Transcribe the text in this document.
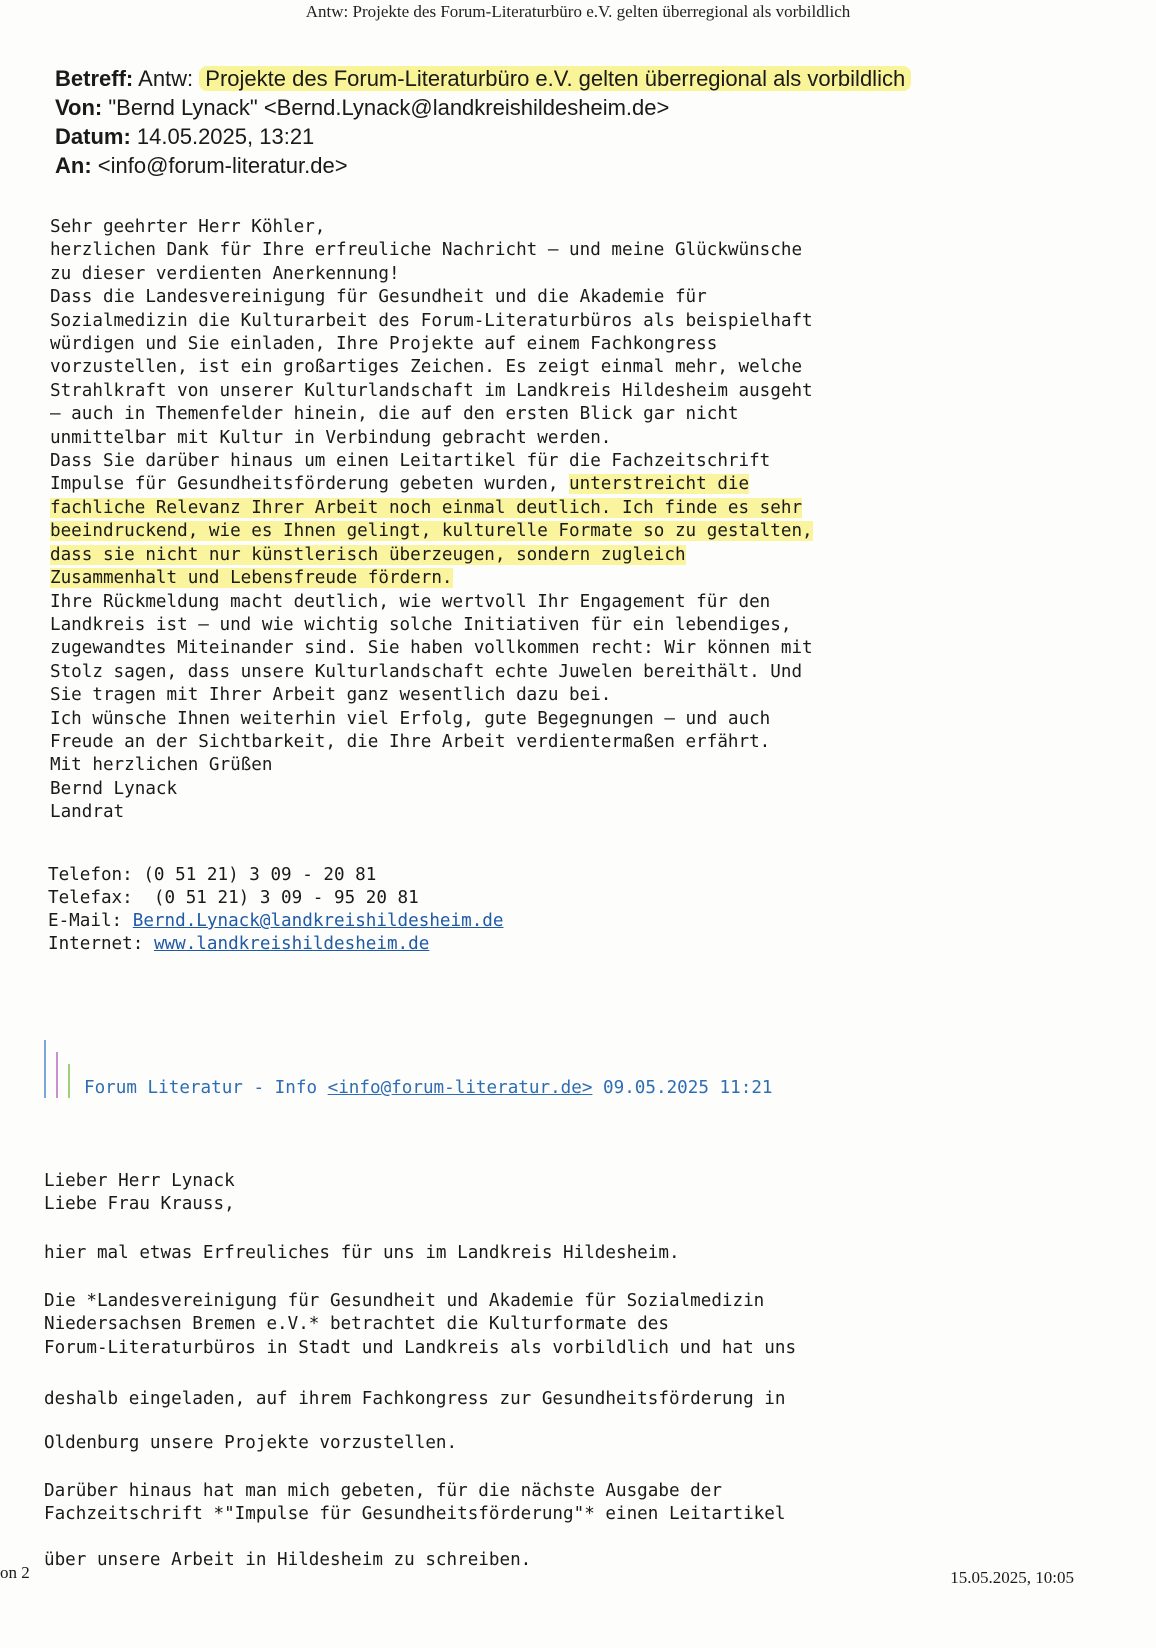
Antw: Projekte des Forum-Literaturbüro e.V. gelten überregional als vorbildlich
Betreff: Antw: Projekte des Forum-Literaturbüro e.V. gelten überregional als vorbildlich
Von: "Bernd Lynack" <Bernd.Lynack@landkreishildesheim.de>
Datum: 14.05.2025, 13:21
An: <info@forum-literatur.de>
Sehr geehrter Herr Köhler,
herzlichen Dank für Ihre erfreuliche Nachricht – und meine Glückwünsche
zu dieser verdienten Anerkennung!
Dass die Landesvereinigung für Gesundheit und die Akademie für
Sozialmedizin die Kulturarbeit des Forum-Literaturbüros als beispielhaft
würdigen und Sie einladen, Ihre Projekte auf einem Fachkongress
vorzustellen, ist ein großartiges Zeichen. Es zeigt einmal mehr, welche
Strahlkraft von unserer Kulturlandschaft im Landkreis Hildesheim ausgeht
– auch in Themenfelder hinein, die auf den ersten Blick gar nicht
unmittelbar mit Kultur in Verbindung gebracht werden.
Dass Sie darüber hinaus um einen Leitartikel für die Fachzeitschrift
Impulse für Gesundheitsförderung gebeten wurden, unterstreicht die
fachliche Relevanz Ihrer Arbeit noch einmal deutlich. Ich finde es sehr
beeindruckend, wie es Ihnen gelingt, kulturelle Formate so zu gestalten,
dass sie nicht nur künstlerisch überzeugen, sondern zugleich
Zusammenhalt und Lebensfreude fördern.
Ihre Rückmeldung macht deutlich, wie wertvoll Ihr Engagement für den
Landkreis ist – und wie wichtig solche Initiativen für ein lebendiges,
zugewandtes Miteinander sind. Sie haben vollkommen recht: Wir können mit
Stolz sagen, dass unsere Kulturlandschaft echte Juwelen bereithält. Und
Sie tragen mit Ihrer Arbeit ganz wesentlich dazu bei.
Ich wünsche Ihnen weiterhin viel Erfolg, gute Begegnungen – und auch
Freude an der Sichtbarkeit, die Ihre Arbeit verdientermaßen erfährt.
Mit herzlichen Grüßen
Bernd Lynack
Landrat
Telefon: (0 51 21) 3 09 - 20 81
Telefax:  (0 51 21) 3 09 - 95 20 81
E-Mail: Bernd.Lynack@landkreishildesheim.de
Internet: www.landkreishildesheim.de
Forum Literatur - Info <info@forum-literatur.de> 09.05.2025 11:21
Lieber Herr Lynack
Liebe Frau Krauss,
hier mal etwas Erfreuliches für uns im Landkreis Hildesheim.
Die *Landesvereinigung für Gesundheit und Akademie für Sozialmedizin
Niedersachsen Bremen e.V.* betrachtet die Kulturformate des
Forum-Literaturbüros in Stadt und Landkreis als vorbildlich und hat uns
deshalb eingeladen, auf ihrem Fachkongress zur Gesundheitsförderung in
Oldenburg unsere Projekte vorzustellen.
Darüber hinaus hat man mich gebeten, für die nächste Ausgabe der
Fachzeitschrift *"Impulse für Gesundheitsförderung"* einen Leitartikel
über unsere Arbeit in Hildesheim zu schreiben.
on 2	15.05.2025, 10:05
